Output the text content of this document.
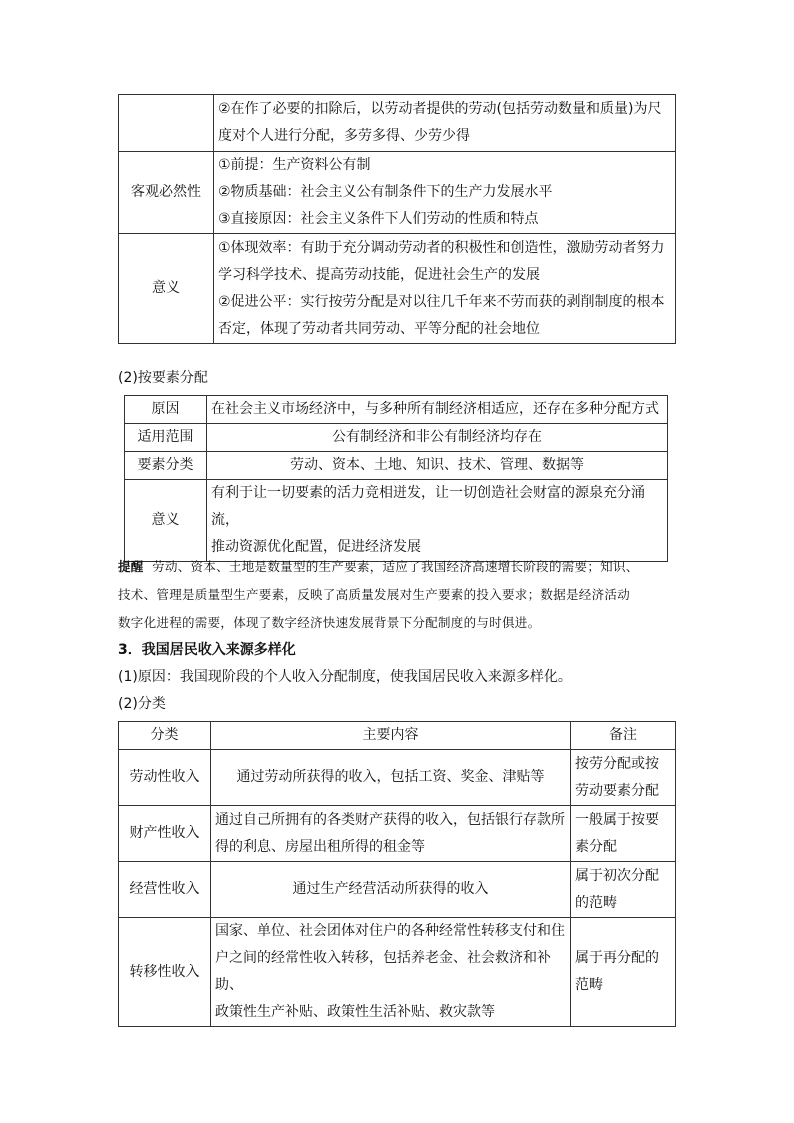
	②在作了必要的扣除后，以劳动者提供的劳动(包括劳动数量和质量)为尺
度对个人进行分配，多劳多得、少劳少得

客观必然性	①前提：生产资料公有制
②物质基础：社会主义公有制条件下的生产力发展水平
③直接原因：社会主义条件下人们劳动的性质和特点

意义	①体现效率：有助于充分调动劳动者的积极性和创造性，激励劳动者努力
学习科学技术、提高劳动技能，促进社会生产的发展
②促进公平：实行按劳分配是对以往几千年来不劳而获的剥削制度的根本
否定，体现了劳动者共同劳动、平等分配的社会地位
(2)按要素分配
原因	在社会主义市场经济中，与多种所有制经济相适应，还存在多种分配方式
适用范围	公有制经济和非公有制经济均存在
要素分类	劳动、资本、土地、知识、技术、管理、数据等
意义	有利于让一切要素的活力竞相迸发，让一切创造社会财富的源泉充分涌流，
推动资源优化配置，促进经济发展
提醒 劳动、资本、土地是数量型的生产要素，适应了我国经济高速增长阶段的需要；知识、
技术、管理是质量型生产要素，反映了高质量发展对生产要素的投入要求；数据是经济活动
数字化进程的需要，体现了数字经济快速发展背景下分配制度的与时俱进。
3．我国居民收入来源多样化
(1)原因：我国现阶段的个人收入分配制度，使我国居民收入来源多样化。
(2)分类
分类	主要内容	备注
劳动性收入	通过劳动所获得的收入，包括工资、奖金、津贴等	按劳分配或按
劳动要素分配

财产性收入	通过自己所拥有的各类财产获得的收入，包括银行存款所
得的利息、房屋出租所得的租金等	一般属于按要
素分配

经营性收入	通过生产经营活动所获得的收入	属于初次分配
的范畴

转移性收入	国家、单位、社会团体对住户的各种经常性转移支付和住
户之间的经常性收入转移，包括养老金、社会救济和补助、
政策性生产补贴、政策性生活补贴、救灾款等	属于再分配的
范畴
